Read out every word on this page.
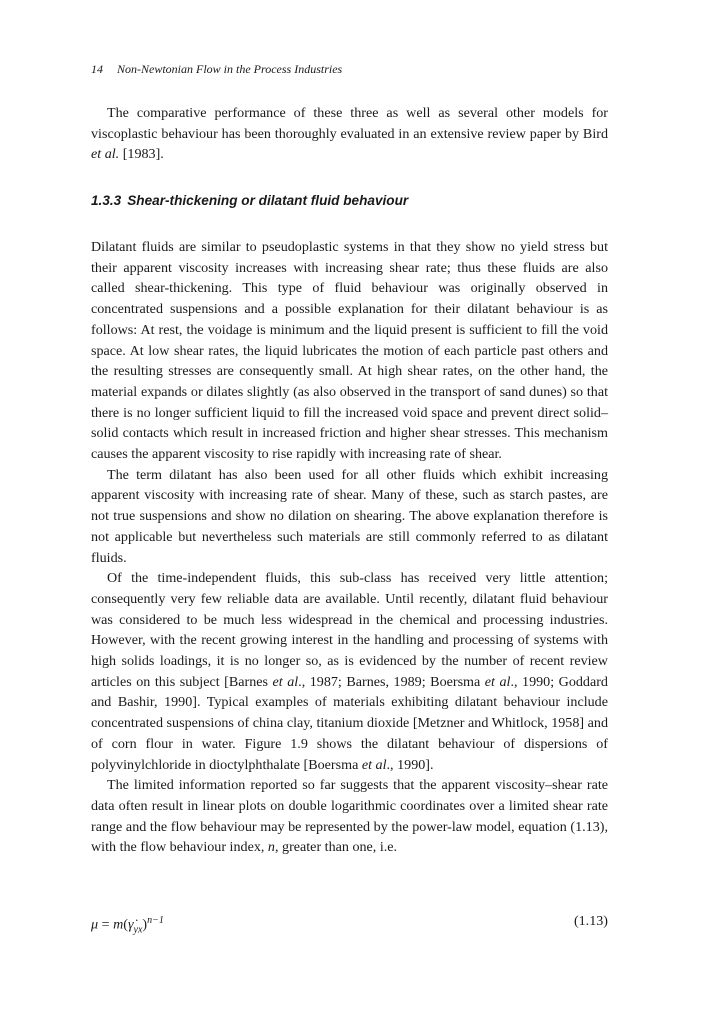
14 Non-Newtonian Flow in the Process Industries

The comparative performance of these three as well as several other models for viscoplastic behaviour has been thoroughly evaluated in an extensive review paper by Bird et al. [1983].

1.3.3 Shear-thickening or dilatant fluid behaviour

Dilatant fluids are similar to pseudoplastic systems in that they show no yield stress but their apparent viscosity increases with increasing shear rate; thus these fluids are also called shear-thickening. This type of fluid behaviour was originally observed in concentrated suspensions and a possible explanation for their dilatant behaviour is as follows: At rest, the voidage is minimum and the liquid present is sufficient to fill the void space. At low shear rates, the liquid lubricates the motion of each particle past others and the resulting stresses are consequently small. At high shear rates, on the other hand, the material expands or dilates slightly (as also observed in the transport of sand dunes) so that there is no longer sufficient liquid to fill the increased void space and prevent direct solid–solid contacts which result in increased friction and higher shear stresses. This mechanism causes the apparent viscosity to rise rapidly with increasing rate of shear.

The term dilatant has also been used for all other fluids which exhibit increasing apparent viscosity with increasing rate of shear. Many of these, such as starch pastes, are not true suspensions and show no dilation on shearing. The above explanation therefore is not applicable but nevertheless such materials are still commonly referred to as dilatant fluids.

Of the time-independent fluids, this sub-class has received very little attention; consequently very few reliable data are available. Until recently, dilatant fluid behaviour was considered to be much less widespread in the chemical and processing industries. However, with the recent growing interest in the handling and processing of systems with high solids loadings, it is no longer so, as is evidenced by the number of recent review articles on this subject [Barnes et al., 1987; Barnes, 1989; Boersma et al., 1990; Goddard and Bashir, 1990]. Typical examples of materials exhibiting dilatant behaviour include concentrated suspensions of china clay, titanium dioxide [Metzner and Whitlock, 1958] and of corn flour in water. Figure 1.9 shows the dilatant behaviour of dispersions of polyvinylchloride in dioctylphthalate [Boersma et al., 1990].

The limited information reported so far suggests that the apparent viscosity–shear rate data often result in linear plots on double logarithmic coordinates over a limited shear rate range and the flow behaviour may be represented by the power-law model, equation (1.13), with the flow behaviour index, n, greater than one, i.e.

$\mu = m(\gammȧ_{yx})^{n-1}$	(1.13)
